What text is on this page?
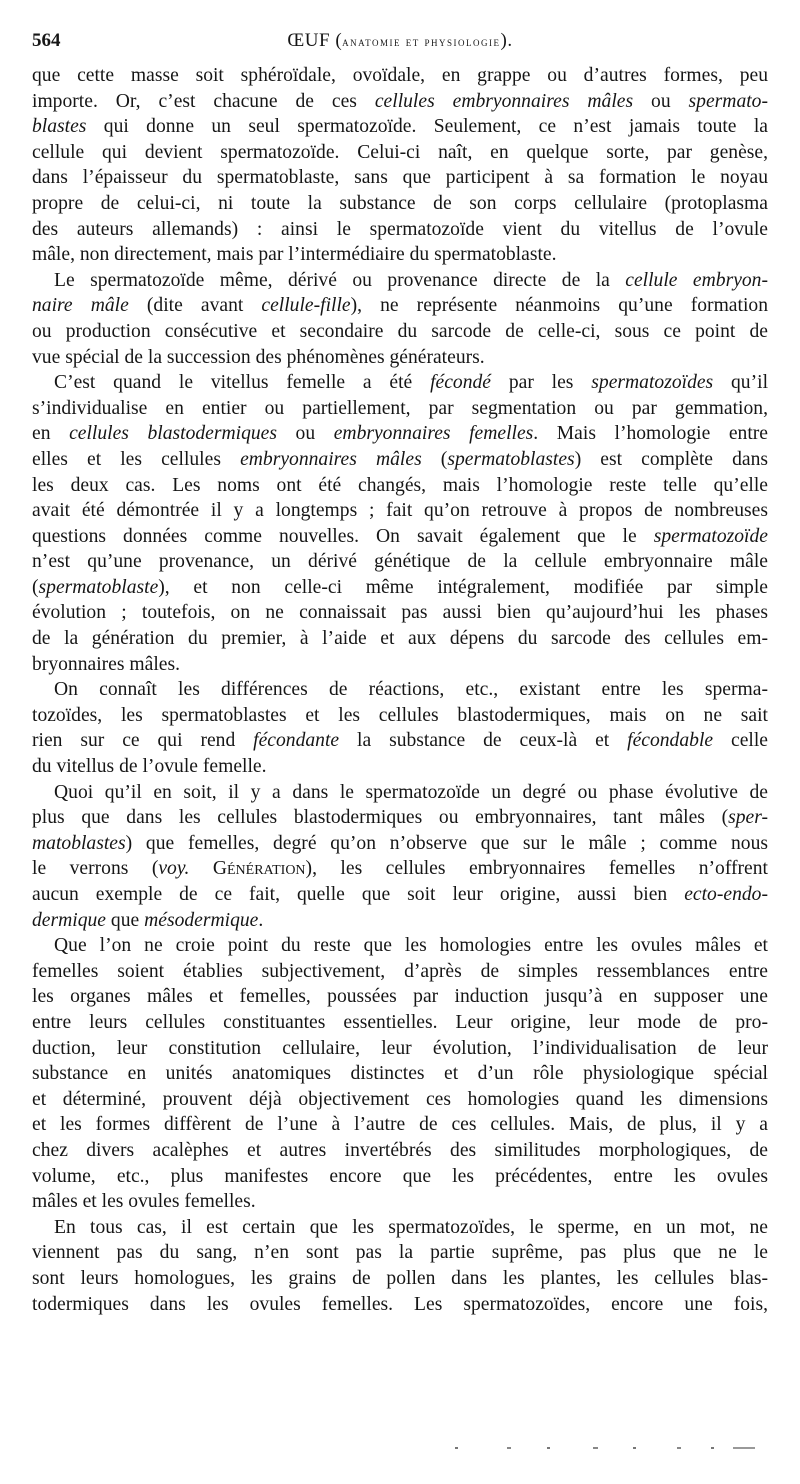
564	ŒUF (anatomie et physiologie).
que cette masse soit sphéroïdale, ovoïdale, en grappe ou d’autres formes, peu
importe. Or, c’est chacune de ces cellules embryonnaires mâles ou spermato-
blastes qui donne un seul spermatozoïde. Seulement, ce n’est jamais toute la
cellule qui devient spermatozoïde. Celui-ci naît, en quelque sorte, par genèse,
dans l’épaisseur du spermatoblaste, sans que participent à sa formation le noyau
propre de celui-ci, ni toute la substance de son corps cellulaire (protoplasma
des auteurs allemands) : ainsi le spermatozoïde vient du vitellus de l’ovule
mâle, non directement, mais par l’intermédiaire du spermatoblaste.
Le spermatozoïde même, dérivé ou provenance directe de la cellule embryon-
naire mâle (dite avant cellule-fille), ne représente néanmoins qu’une formation
ou production consécutive et secondaire du sarcode de celle-ci, sous ce point de
vue spécial de la succession des phénomènes générateurs.
C’est quand le vitellus femelle a été fécondé par les spermatozoïdes qu’il
s’individualise en entier ou partiellement, par segmentation ou par gemmation,
en cellules blastodermiques ou embryonnaires femelles. Mais l’homologie entre
elles et les cellules embryonnaires mâles (spermatoblastes) est complète dans
les deux cas. Les noms ont été changés, mais l’homologie reste telle qu’elle
avait été démontrée il y a longtemps ; fait qu’on retrouve à propos de nombreuses
questions données comme nouvelles. On savait également que le spermatozoïde
n’est qu’une provenance, un dérivé génétique de la cellule embryonnaire mâle
(spermatoblaste), et non celle-ci même intégralement, modifiée par simple
évolution ; toutefois, on ne connaissait pas aussi bien qu’aujourd’hui les phases
de la génération du premier, à l’aide et aux dépens du sarcode des cellules em-
bryonnaires mâles.
On connaît les différences de réactions, etc., existant entre les sperma-
tozoïdes, les spermatoblastes et les cellules blastodermiques, mais on ne sait
rien sur ce qui rend fécondante la substance de ceux-là et fécondable celle
du vitellus de l’ovule femelle.
Quoi qu’il en soit, il y a dans le spermatozoïde un degré ou phase évolutive de
plus que dans les cellules blastodermiques ou embryonnaires, tant mâles (sper-
matoblastes) que femelles, degré qu’on n’observe que sur le mâle ; comme nous
le verrons (voy. Génération), les cellules embryonnaires femelles n’offrent
aucun exemple de ce fait, quelle que soit leur origine, aussi bien ecto-endo-
dermique que mésodermique.
Que l’on ne croie point du reste que les homologies entre les ovules mâles et
femelles soient établies subjectivement, d’après de simples ressemblances entre
les organes mâles et femelles, poussées par induction jusqu’à en supposer une
entre leurs cellules constituantes essentielles. Leur origine, leur mode de pro-
duction, leur constitution cellulaire, leur évolution, l’individualisation de leur
substance en unités anatomiques distinctes et d’un rôle physiologique spécial
et déterminé, prouvent déjà objectivement ces homologies quand les dimensions
et les formes diffèrent de l’une à l’autre de ces cellules. Mais, de plus, il y a
chez divers acalèphes et autres invertébrés des similitudes morphologiques, de
volume, etc., plus manifestes encore que les précédentes, entre les ovules
mâles et les ovules femelles.
En tous cas, il est certain que les spermatozoïdes, le sperme, en un mot, ne
viennent pas du sang, n’en sont pas la partie suprême, pas plus que ne le
sont leurs homologues, les grains de pollen dans les plantes, les cellules blas-
todermiques dans les ovules femelles. Les spermatozoïdes, encore une fois,
